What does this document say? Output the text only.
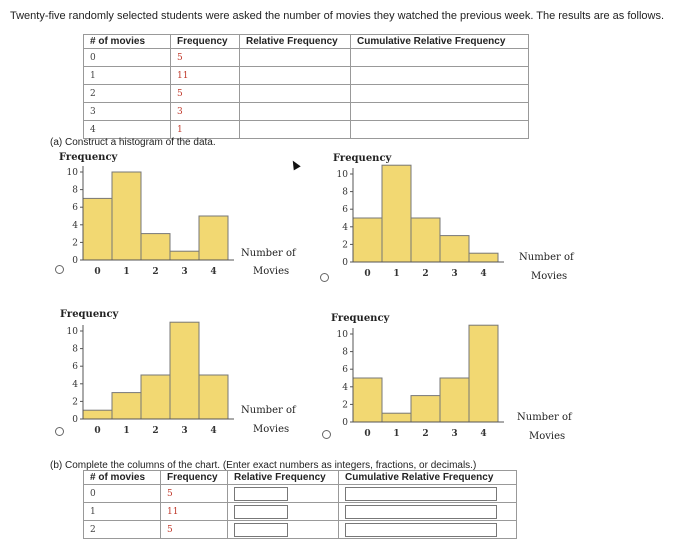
Twenty-five randomly selected students were asked the number of movies they watched the previous week. The results are as follows.
# of movies	Frequency	Relative Frequency	Cumulative Relative Frequency
0	5		
1	11		
2	5		
3	3		
4	1		
(a) Construct a histogram of the data.
0
2
4
6
8
10
0	1	2	3	4
Frequency
Number of
Movies
0
2
4
6
8
10
0	1	2	3	4
Frequency
Number of
Movies
0
2
4
6
8
10
0	1	2	3	4
Frequency
Number of
Movies
0
2
4
6
8
10
0	1	2	3	4
Frequency
Number of
Movies
(b) Complete the columns of the chart. (Enter exact numbers as integers, fractions, or decimals.)
# of movies	Frequency	Relative Frequency	Cumulative Relative Frequency
0	5		
1	11		
2	5		
